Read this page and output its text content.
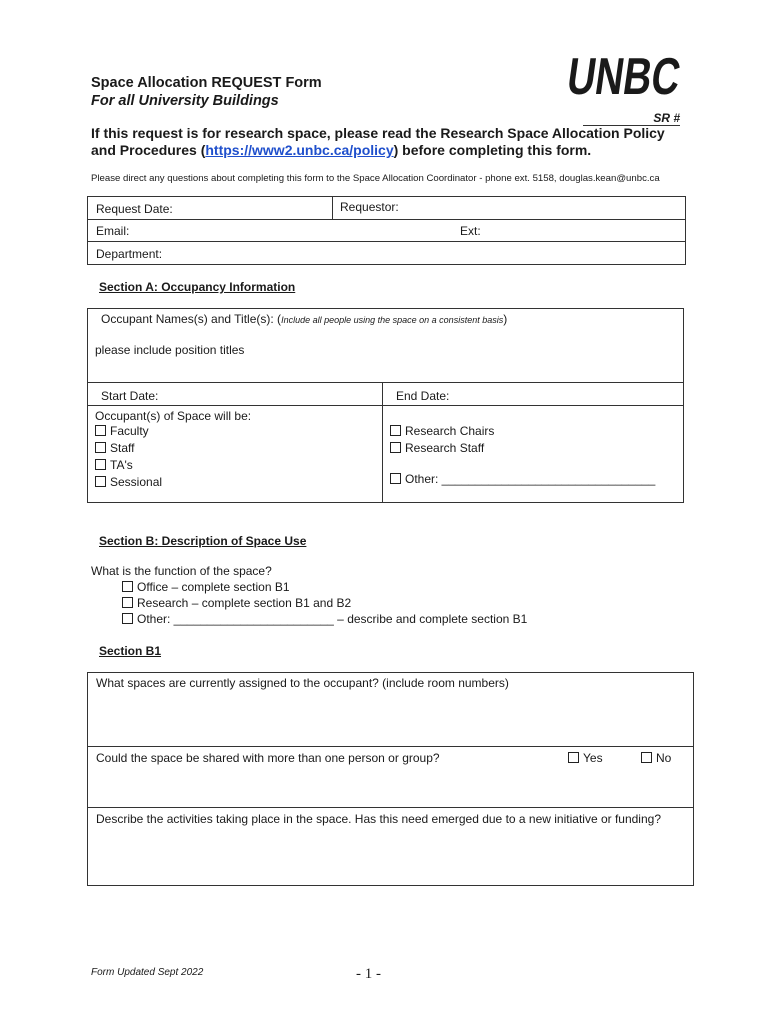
Space Allocation REQUEST Form
For all University Buildings	UNBC
SR #
If this request is for research space, please read the Research Space Allocation Policy and Procedures (https://www2.unbc.ca/policy) before completing this form.
Please direct any questions about completing this form to the Space Allocation Coordinator - phone ext. 5158, douglas.kean@unbc.ca
Request Date:	Requestor:
Email:	Ext:
Department:
Section A: Occupancy Information
Occupant Names(s) and Title(s): (Include all people using the space on a consistent basis)
please include position titles
Start Date:	End Date:
Occupant(s) of Space will be:
Faculty
Staff
TA's
Sessional
Research Chairs
Research Staff
Other: ________________________________
Section B: Description of Space Use
What is the function of the space?
Office – complete section B1
Research – complete section B1 and B2
Other: ________________________ – describe and complete section B1
Section B1
What spaces are currently assigned to the occupant? (include room numbers)
Could the space be shared with more than one person or group?	Yes	No
Describe the activities taking place in the space. Has this need emerged due to a new initiative or funding?
Form Updated Sept 2022	- 1 -
